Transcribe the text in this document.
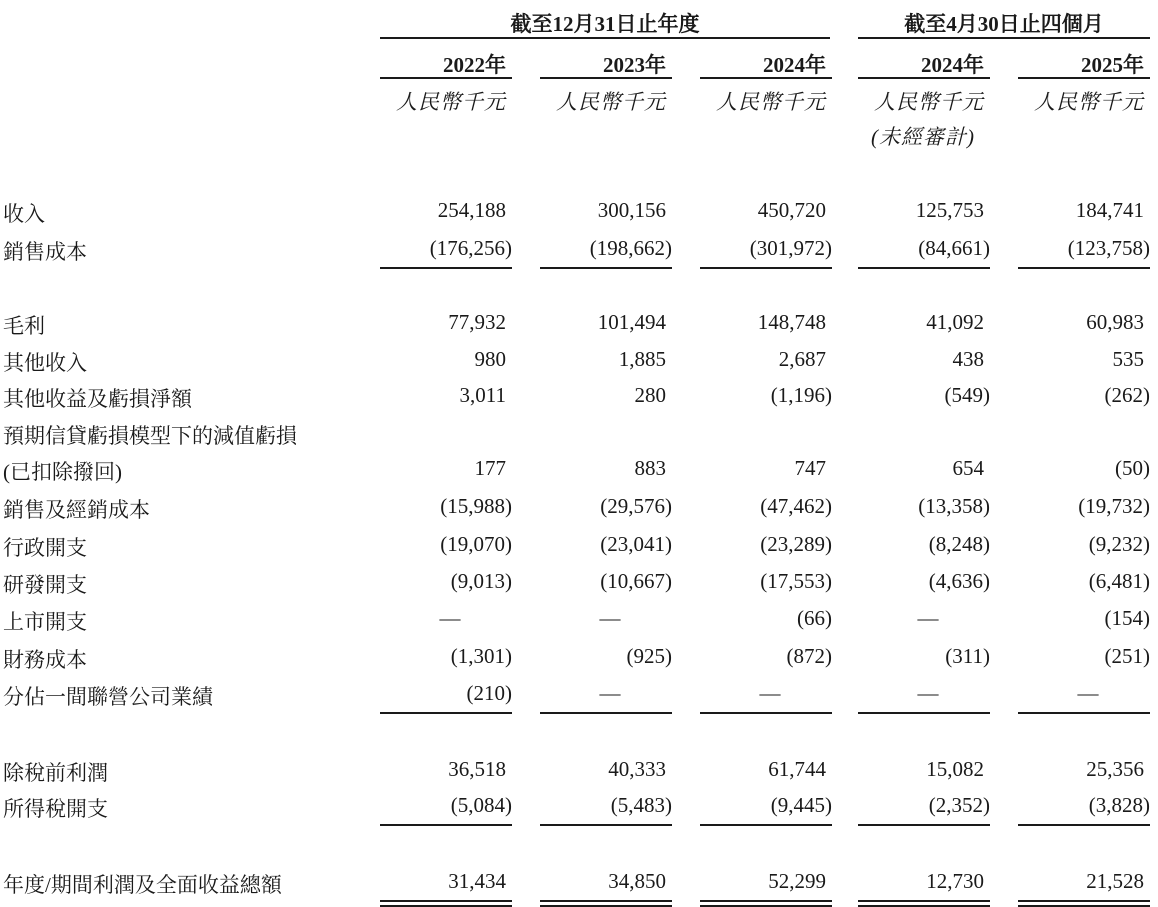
截至12月31日止年度	截至4月30日止四個月
2022年	2023年	2024年	2024年	2025年
人民幣千元	人民幣千元	人民幣千元	人民幣千元	人民幣千元
(未經審計)
收入	254,188	300,156	450,720	125,753	184,741
銷售成本	(176,256)	(198,662)	(301,972)	(84,661)	(123,758)
毛利	77,932	101,494	148,748	41,092	60,983
其他收入	980	1,885	2,687	438	535
其他收益及虧損淨額	3,011	280	(1,196)	(549)	(262)
預期信貸虧損模型下的減值虧損
(已扣除撥回)	177	883	747	654	(50)
銷售及經銷成本	(15,988)	(29,576)	(47,462)	(13,358)	(19,732)
行政開支	(19,070)	(23,041)	(23,289)	(8,248)	(9,232)
研發開支	(9,013)	(10,667)	(17,553)	(4,636)	(6,481)
上市開支	—	—	(66)	—	(154)
財務成本	(1,301)	(925)	(872)	(311)	(251)
分佔一間聯營公司業績	(210)	—	—	—	—
除稅前利潤	36,518	40,333	61,744	15,082	25,356
所得稅開支	(5,084)	(5,483)	(9,445)	(2,352)	(3,828)
年度/期間利潤及全面收益總額	31,434	34,850	52,299	12,730	21,528
